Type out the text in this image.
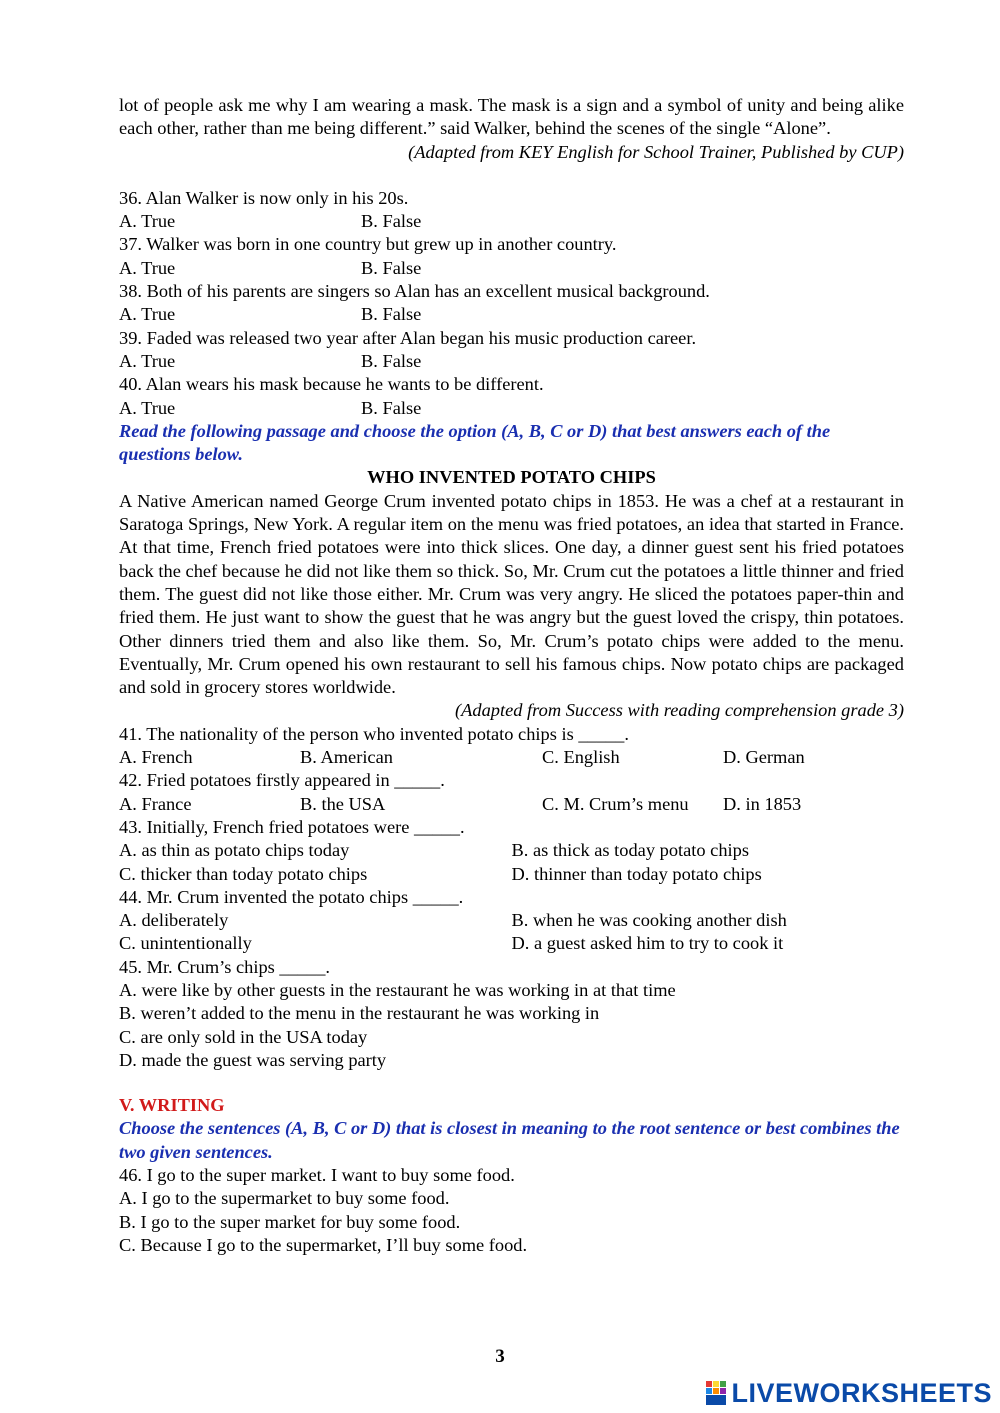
lot of people ask me why I am wearing a mask. The mask is a sign and a symbol of unity and being alike each other, rather than me being different.” said Walker, behind the scenes of the single “Alone”.
(Adapted from KEY English for School Trainer, Published by CUP)
36. Alan Walker is now only in his 20s.
A. True	B. False
37. Walker was born in one country but grew up in another country.
A. True	B. False
38. Both of his parents are singers so Alan has an excellent musical background.
A. True	B. False
39. Faded was released two year after Alan began his music production career.
A. True	B. False
40. Alan wears his mask because he wants to be different.
A. True	B. False
Read the following passage and choose the option (A, B, C or D) that best answers each of the questions below.
WHO INVENTED POTATO CHIPS
A Native American named George Crum invented potato chips in 1853. He was a chef at a restaurant in Saratoga Springs, New York. A regular item on the menu was fried potatoes, an idea that started in France. At that time, French fried potatoes were into thick slices. One day, a dinner guest sent his fried potatoes back the chef because he did not like them so thick. So, Mr. Crum cut the potatoes a little thinner and fried them. The guest did not like those either. Mr. Crum was very angry. He sliced the potatoes paper-thin and fried them. He just want to show the guest that he was angry but the guest loved the crispy, thin potatoes. Other dinners tried them and also like them. So, Mr. Crum’s potato chips were added to the menu. Eventually, Mr. Crum opened his own restaurant to sell his famous chips. Now potato chips are packaged and sold in grocery stores worldwide.
(Adapted from Success with reading comprehension grade 3)
41. The nationality of the person who invented potato chips is _____.
A. French	B. American	C. English	D. German
42. Fried potatoes firstly appeared in _____.
A. France	B. the USA	C. M. Crum’s menu	D. in 1853
43. Initially, French fried potatoes were _____.
A. as thin as potato chips today	B. as thick as today potato chips
C. thicker than today potato chips	D. thinner than today potato chips
44. Mr. Crum invented the potato chips _____.
A. deliberately	B. when he was cooking another dish
C. unintentionally	D. a guest asked him to try to cook it
45. Mr. Crum’s chips _____.
A. were like by other guests in the restaurant he was working in at that time
B. weren’t added to the menu in the restaurant he was working in
C. are only sold in the USA today
D. made the guest was serving party
V. WRITING
Choose the sentences (A, B, C or D) that is closest in meaning to the root sentence or best combines the two given sentences.
46. I go to the super market. I want to buy some food.
A. I go to the supermarket to buy some food.
B. I go to the super market for buy some food.
C. Because I go to the supermarket, I’ll buy some food.
3
LIVEWORKSHEETS
